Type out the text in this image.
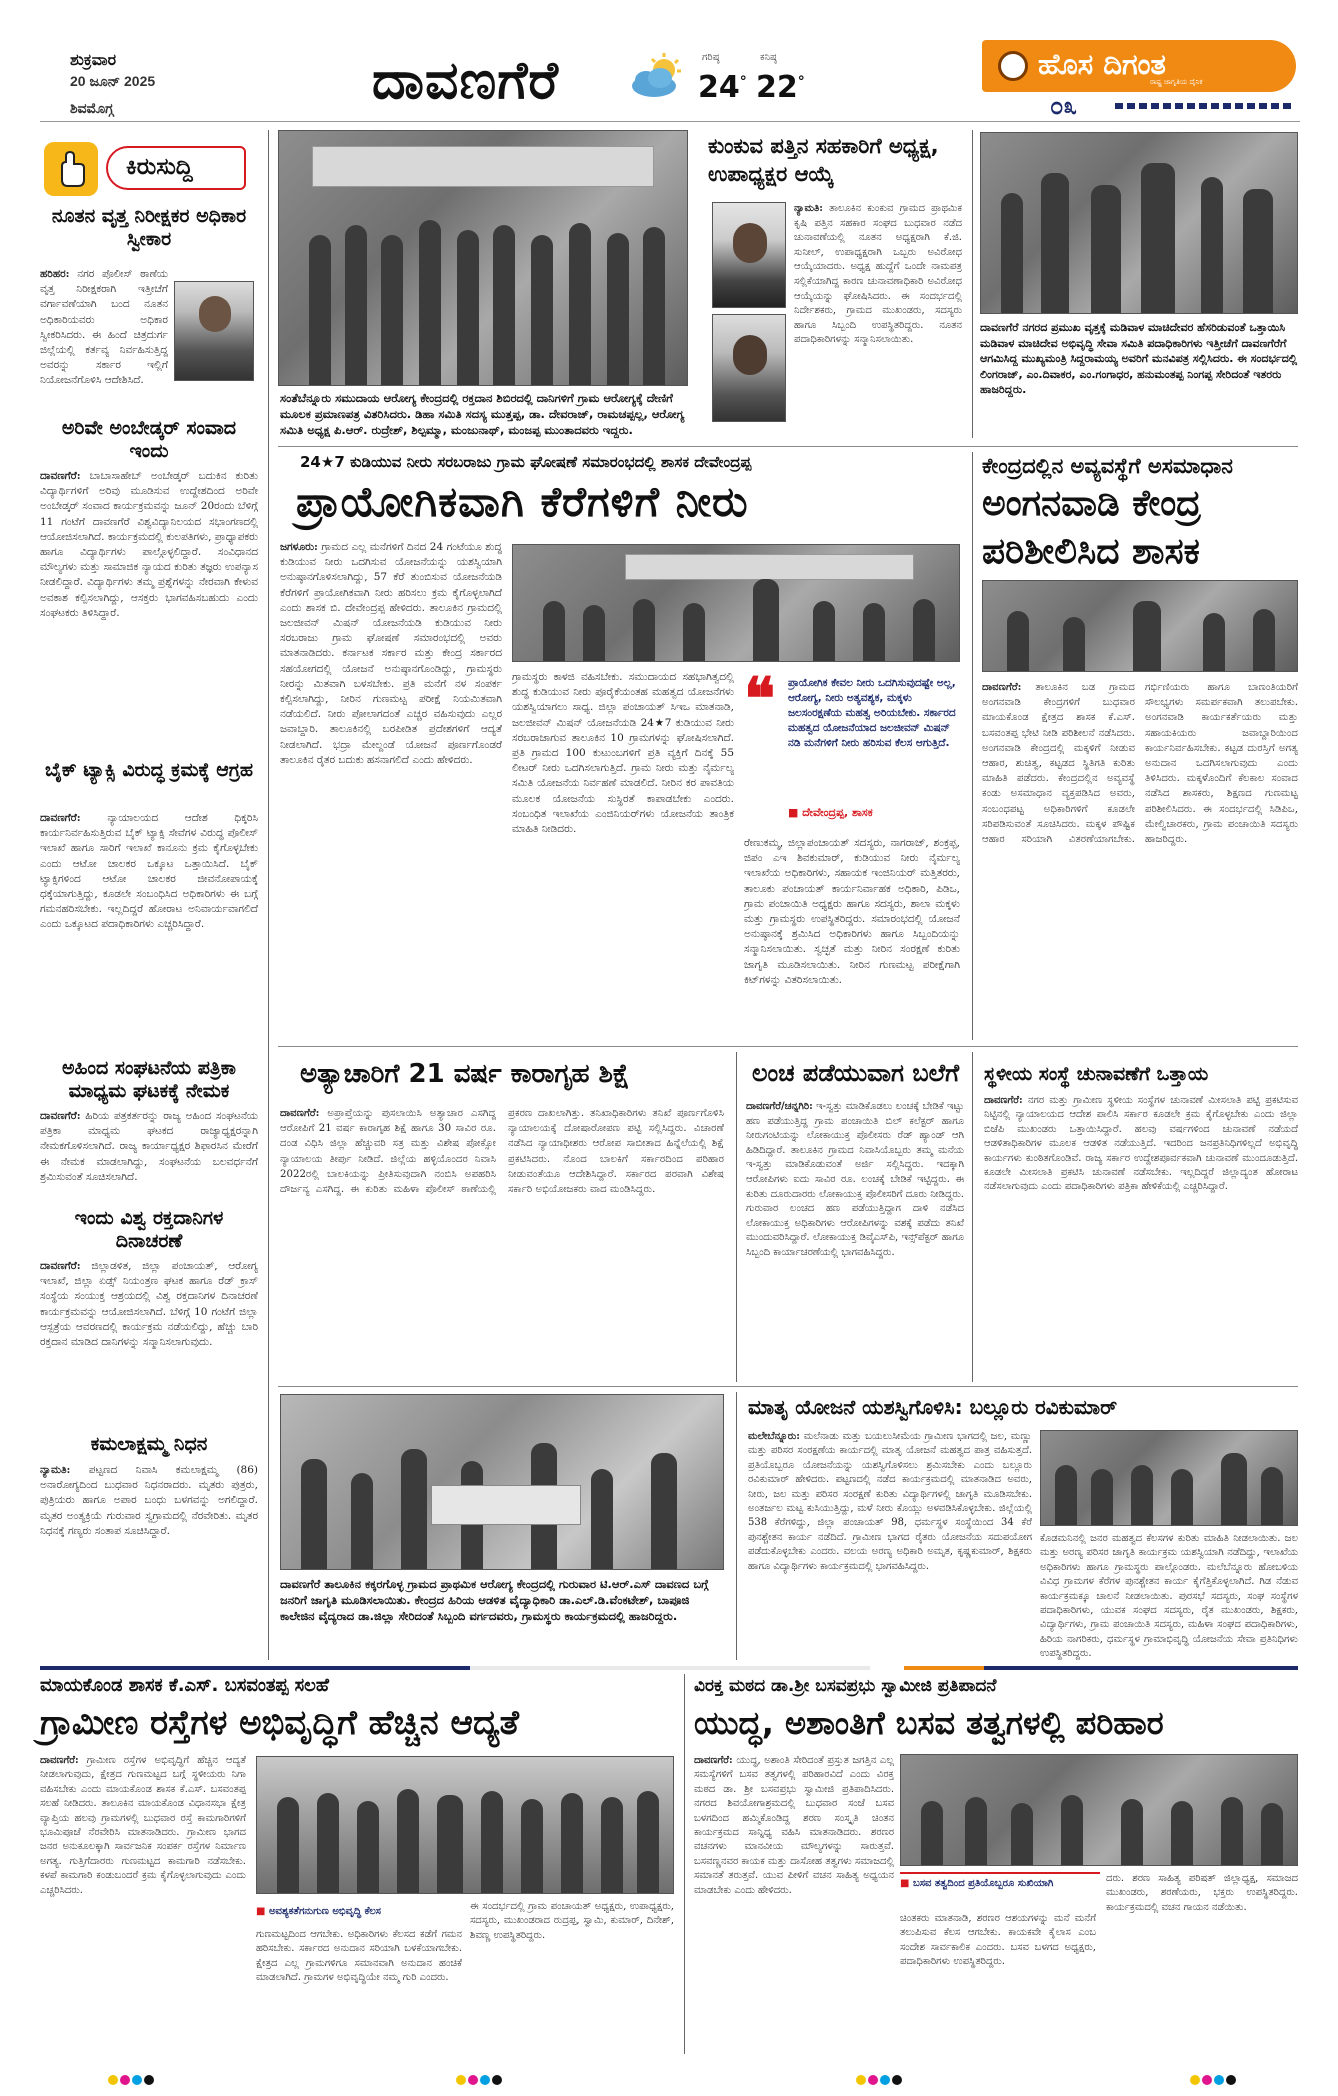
ಶುಕ್ರವಾರ
20 ಜೂನ್ 2025
ಶಿವಮೊಗ್ಗ	ದಾವಣಗೆರೆ	ಗರಿಷ್ಠ
24°
ಕನಿಷ್ಠ
22°
ಹೊಸ ದಿಗಂತ
ರಾಷ್ಟ್ರ ಜಾಗೃತಿಯ ದೈನಿಕ
೦೩
ಕಿರುಸುದ್ದಿ
ನೂತನ ವೃತ್ತ ನಿರೀಕ್ಷಕರ ಅಧಿಕಾರ ಸ್ವೀಕಾರ
ಹರಿಹರ: ನಗರ ಪೊಲೀಸ್ ಠಾಣೆಯ ವೃತ್ತ ನಿರೀಕ್ಷಕರಾಗಿ ಇತ್ತೀಚೆಗೆ ವರ್ಗಾವಣೆಯಾಗಿ ಬಂದ ನೂತನ ಅಧಿಕಾರಿಯವರು ಅಧಿಕಾರ ಸ್ವೀಕರಿಸಿದರು. ಈ ಹಿಂದೆ ಚಿತ್ರದುರ್ಗ ಜಿಲ್ಲೆಯಲ್ಲಿ ಕರ್ತವ್ಯ ನಿರ್ವಹಿಸುತ್ತಿದ್ದ ಅವರನ್ನು ಸರ್ಕಾರ ಇಲ್ಲಿಗೆ ನಿಯೋಜನೆಗೊಳಿಸಿ ಆದೇಶಿಸಿದೆ.
ಅರಿವೇ ಅಂಬೇಡ್ಕರ್ ಸಂವಾದ ಇಂದು
ದಾವಣಗೆರೆ: ಬಾಬಾಸಾಹೇಬ್ ಅಂಬೇಡ್ಕರ್ ಬದುಕಿನ ಕುರಿತು ವಿದ್ಯಾರ್ಥಿಗಳಿಗೆ ಅರಿವು ಮೂಡಿಸುವ ಉದ್ದೇಶದಿಂದ ಅರಿವೇ ಅಂಬೇಡ್ಕರ್ ಸಂವಾದ ಕಾರ್ಯಕ್ರಮವನ್ನು ಜೂನ್ 20ರಂದು ಬೆಳಿಗ್ಗೆ 11 ಗಂಟೆಗೆ ದಾವಣಗೆರೆ ವಿಶ್ವವಿದ್ಯಾನಿಲಯದ ಸಭಾಂಗಣದಲ್ಲಿ ಆಯೋಜಿಸಲಾಗಿದೆ. ಕಾರ್ಯಕ್ರಮದಲ್ಲಿ ಕುಲಪತಿಗಳು, ಪ್ರಾಧ್ಯಾಪಕರು ಹಾಗೂ ವಿದ್ಯಾರ್ಥಿಗಳು ಪಾಲ್ಗೊಳ್ಳಲಿದ್ದಾರೆ. ಸಂವಿಧಾನದ ಮೌಲ್ಯಗಳು ಮತ್ತು ಸಾಮಾಜಿಕ ನ್ಯಾಯದ ಕುರಿತು ತಜ್ಞರು ಉಪನ್ಯಾಸ ನೀಡಲಿದ್ದಾರೆ. ವಿದ್ಯಾರ್ಥಿಗಳು ತಮ್ಮ ಪ್ರಶ್ನೆಗಳನ್ನು ನೇರವಾಗಿ ಕೇಳುವ ಅವಕಾಶ ಕಲ್ಪಿಸಲಾಗಿದ್ದು, ಆಸಕ್ತರು ಭಾಗವಹಿಸಬಹುದು ಎಂದು ಸಂಘಟಕರು ತಿಳಿಸಿದ್ದಾರೆ.
ಬೈಕ್ ಟ್ಯಾಕ್ಸಿ ವಿರುದ್ಧ ಕ್ರಮಕ್ಕೆ ಆಗ್ರಹ
ದಾವಣಗೆರೆ:	ನ್ಯಾಯಾಲಯದ ಆದೇಶ ಧಿಕ್ಕರಿಸಿ ಕಾರ್ಯನಿರ್ವಹಿಸುತ್ತಿರುವ ಬೈಕ್ ಟ್ಯಾಕ್ಸಿ ಸೇವೆಗಳ ವಿರುದ್ಧ ಪೊಲೀಸ್ ಇಲಾಖೆ ಹಾಗೂ ಸಾರಿಗೆ ಇಲಾಖೆ ಕಾನೂನು ಕ್ರಮ ಕೈಗೊಳ್ಳಬೇಕು ಎಂದು ಆಟೋ ಚಾಲಕರ ಒಕ್ಕೂಟ ಒತ್ತಾಯಿಸಿದೆ. ಬೈಕ್ ಟ್ಯಾಕ್ಸಿಗಳಿಂದ ಆಟೋ ಚಾಲಕರ ಜೀವನೋಪಾಯಕ್ಕೆ ಧಕ್ಕೆಯಾಗುತ್ತಿದ್ದು, ಕೂಡಲೇ ಸಂಬಂಧಿಸಿದ ಅಧಿಕಾರಿಗಳು ಈ ಬಗ್ಗೆ ಗಮನಹರಿಸಬೇಕು. ಇಲ್ಲದಿದ್ದರೆ ಹೋರಾಟ ಅನಿವಾರ್ಯವಾಗಲಿದೆ ಎಂದು ಒಕ್ಕೂಟದ ಪದಾಧಿಕಾರಿಗಳು ಎಚ್ಚರಿಸಿದ್ದಾರೆ.
ಅಹಿಂದ ಸಂಘಟನೆಯ ಪತ್ರಿಕಾ ಮಾಧ್ಯಮ ಘಟಕಕ್ಕೆ ನೇಮಕ
ದಾವಣಗೆರೆ: ಹಿರಿಯ ಪತ್ರಕರ್ತರನ್ನು ರಾಜ್ಯ ಅಹಿಂದ ಸಂಘಟನೆಯ ಪತ್ರಿಕಾ ಮಾಧ್ಯಮ ಘಟಕದ ರಾಜ್ಯಾಧ್ಯಕ್ಷರನ್ನಾಗಿ ನೇಮಕಗೊಳಿಸಲಾಗಿದೆ. ರಾಜ್ಯ ಕಾರ್ಯಾಧ್ಯಕ್ಷರ ಶಿಫಾರಸಿನ ಮೇರೆಗೆ ಈ ನೇಮಕ ಮಾಡಲಾಗಿದ್ದು, ಸಂಘಟನೆಯ ಬಲವರ್ಧನೆಗೆ ಶ್ರಮಿಸುವಂತೆ ಸೂಚಿಸಲಾಗಿದೆ.
ಇಂದು ವಿಶ್ವ ರಕ್ತದಾನಿಗಳ ದಿನಾಚರಣೆ
ದಾವಣಗೆರೆ: ಜಿಲ್ಲಾಡಳಿತ, ಜಿಲ್ಲಾ ಪಂಚಾಯತ್, ಆರೋಗ್ಯ ಇಲಾಖೆ, ಜಿಲ್ಲಾ ಏಡ್ಸ್ ನಿಯಂತ್ರಣ ಘಟಕ ಹಾಗೂ ರೆಡ್ ಕ್ರಾಸ್ ಸಂಸ್ಥೆಯ ಸಂಯುಕ್ತ ಆಶ್ರಯದಲ್ಲಿ ವಿಶ್ವ ರಕ್ತದಾನಿಗಳ ದಿನಾಚರಣೆ ಕಾರ್ಯಕ್ರಮವನ್ನು ಆಯೋಜಿಸಲಾಗಿದೆ. ಬೆಳಿಗ್ಗೆ 10 ಗಂಟೆಗೆ ಜಿಲ್ಲಾ ಆಸ್ಪತ್ರೆಯ ಆವರಣದಲ್ಲಿ ಕಾರ್ಯಕ್ರಮ ನಡೆಯಲಿದ್ದು, ಹೆಚ್ಚು ಬಾರಿ ರಕ್ತದಾನ ಮಾಡಿದ ದಾನಿಗಳನ್ನು ಸನ್ಮಾನಿಸಲಾಗುವುದು.
ಕಮಲಾಕ್ಷಮ್ಮ ನಿಧನ
ನ್ಯಾಮತಿ: ಪಟ್ಟಣದ ನಿವಾಸಿ ಕಮಲಾಕ್ಷಮ್ಮ (86) ಅನಾರೋಗ್ಯದಿಂದ ಬುಧವಾರ ನಿಧನರಾದರು. ಮೃತರು ಪುತ್ರರು, ಪುತ್ರಿಯರು ಹಾಗೂ ಅಪಾರ ಬಂಧು ಬಳಗವನ್ನು ಅಗಲಿದ್ದಾರೆ. ಮೃತರ ಅಂತ್ಯಕ್ರಿಯೆ ಗುರುವಾರ ಸ್ವಗ್ರಾಮದಲ್ಲಿ ನೆರವೇರಿತು. ಮೃತರ ನಿಧನಕ್ಕೆ ಗಣ್ಯರು ಸಂತಾಪ ಸೂಚಿಸಿದ್ದಾರೆ.
ಸಂತೆಬೆನ್ನೂರು ಸಮುದಾಯ ಆರೋಗ್ಯ ಕೇಂದ್ರದಲ್ಲಿ ರಕ್ತದಾನ ಶಿಬಿರದಲ್ಲಿ ದಾನಿಗಳಿಗೆ ಗ್ರಾಮ ಆರೋಗ್ಯಕ್ಕೆ ದೇಣಿಗೆ ಮೂಲಕ ಪ್ರಮಾಣಪತ್ರ ವಿತರಿಸಿದರು. ಡಿಹಾ ಸಮಿತಿ ಸದಸ್ಯ ಮುತ್ತಪ್ಪ, ಡಾ. ದೇವರಾಜ್, ರಾಮಚಪ್ಪಲ್ಲ, ಆರೋಗ್ಯ ಸಮಿತಿ ಅಧ್ಯಕ್ಷ ಪಿ.ಆರ್. ರುದ್ರೇಶ್, ಶಿಲ್ಪಮ್ಮಾ, ಮಂಜುನಾಥ್, ಮಂಜಪ್ಪ ಮುಂತಾದವರು ಇದ್ದರು.
ಕುಂಕುವ ಪತ್ತಿನ ಸಹಕಾರಿಗೆ ಅಧ್ಯಕ್ಷ, ಉಪಾಧ್ಯಕ್ಷರ ಆಯ್ಕೆ
ನ್ಯಾಮತಿ: ತಾಲೂಕಿನ ಕುಂಕುವ ಗ್ರಾಮದ ಪ್ರಾಥಮಿಕ ಕೃಷಿ ಪತ್ತಿನ ಸಹಕಾರ ಸಂಘದ ಬುಧವಾರ ನಡೆದ ಚುನಾವಣೆಯಲ್ಲಿ ನೂತನ ಅಧ್ಯಕ್ಷರಾಗಿ ಕೆ.ಜಿ. ಸುನೀಲ್, ಉಪಾಧ್ಯಕ್ಷರಾಗಿ ಒಬ್ಬರು ಅವಿರೋಧ ಆಯ್ಕೆಯಾದರು. ಅಧ್ಯಕ್ಷ ಹುದ್ದೆಗೆ ಒಂದೇ ನಾಮಪತ್ರ ಸಲ್ಲಿಕೆಯಾಗಿದ್ದ ಕಾರಣ ಚುನಾವಣಾಧಿಕಾರಿ ಅವಿರೋಧ ಆಯ್ಕೆಯನ್ನು ಘೋಷಿಸಿದರು. ಈ ಸಂದರ್ಭದಲ್ಲಿ ನಿರ್ದೇಶಕರು, ಗ್ರಾಮದ ಮುಖಂಡರು, ಸದಸ್ಯರು ಹಾಗೂ ಸಿಬ್ಬಂದಿ ಉಪಸ್ಥಿತರಿದ್ದರು. ನೂತನ ಪದಾಧಿಕಾರಿಗಳನ್ನು ಸನ್ಮಾನಿಸಲಾಯಿತು.
ದಾವಣಗೆರೆ ನಗರದ ಪ್ರಮುಖ ವೃತ್ತಕ್ಕೆ ಮಡಿವಾಳ ಮಾಚಿದೇವರ ಹೆಸರಿಡುವಂತೆ ಒತ್ತಾಯಿಸಿ ಮಡಿವಾಳ ಮಾಚಿದೇವ ಅಭಿವೃದ್ಧಿ ಸೇವಾ ಸಮಿತಿ ಪದಾಧಿಕಾರಿಗಳು ಇತ್ತೀಚೆಗೆ ದಾವಣಗೆರೆಗೆ ಆಗಮಿಸಿದ್ದ ಮುಖ್ಯಮಂತ್ರಿ ಸಿದ್ದರಾಮಯ್ಯ ಅವರಿಗೆ ಮನವಿಪತ್ರ ಸಲ್ಲಿಸಿದರು. ಈ ಸಂದರ್ಭದಲ್ಲಿ ಲಿಂಗರಾಜ್, ಎಂ.ದಿವಾಕರ, ಎಂ.ಗಂಗಾಧರ, ಹನುಮಂತಪ್ಪ ನಿಂಗಪ್ಪ ಸೇರಿದಂತೆ ಇತರರು ಹಾಜರಿದ್ದರು.
24★7 ಕುಡಿಯುವ ನೀರು ಸರಬರಾಜು ಗ್ರಾಮ ಘೋಷಣೆ ಸಮಾರಂಭದಲ್ಲಿ ಶಾಸಕ ದೇವೇಂದ್ರಪ್ಪ
ಪ್ರಾಯೋಗಿಕವಾಗಿ ಕೆರೆಗಳಿಗೆ ನೀರು
ಜಗಳೂರು: ಗ್ರಾಮದ ಎಲ್ಲ ಮನೆಗಳಿಗೆ ದಿನದ 24 ಗಂಟೆಯೂ ಶುದ್ಧ ಕುಡಿಯುವ ನೀರು ಒದಗಿಸುವ ಯೋಜನೆಯನ್ನು ಯಶಸ್ವಿಯಾಗಿ ಅನುಷ್ಠಾನಗೊಳಿಸಲಾಗಿದ್ದು, 57 ಕೆರೆ ತುಂಬಿಸುವ ಯೋಜನೆಯಡಿ ಕೆರೆಗಳಿಗೆ ಪ್ರಾಯೋಗಿಕವಾಗಿ ನೀರು ಹರಿಸಲು ಕ್ರಮ ಕೈಗೊಳ್ಳಲಾಗಿದೆ ಎಂದು ಶಾಸಕ ಬಿ. ದೇವೇಂದ್ರಪ್ಪ ಹೇಳಿದರು. ತಾಲೂಕಿನ ಗ್ರಾಮದಲ್ಲಿ ಜಲಜೀವನ್ ಮಿಷನ್ ಯೋಜನೆಯಡಿ ಕುಡಿಯುವ ನೀರು ಸರಬರಾಜು ಗ್ರಾಮ ಘೋಷಣೆ ಸಮಾರಂಭದಲ್ಲಿ ಅವರು ಮಾತನಾಡಿದರು. ಕರ್ನಾಟಕ ಸರ್ಕಾರ ಮತ್ತು ಕೇಂದ್ರ ಸರ್ಕಾರದ ಸಹಯೋಗದಲ್ಲಿ ಯೋಜನೆ ಅನುಷ್ಠಾನಗೊಂಡಿದ್ದು, ಗ್ರಾಮಸ್ಥರು ನೀರನ್ನು ಮಿತವಾಗಿ ಬಳಸಬೇಕು. ಪ್ರತಿ ಮನೆಗೆ ನಳ ಸಂಪರ್ಕ ಕಲ್ಪಿಸಲಾಗಿದ್ದು, ನೀರಿನ ಗುಣಮಟ್ಟ ಪರೀಕ್ಷೆ ನಿಯಮಿತವಾಗಿ ನಡೆಯಲಿದೆ. ನೀರು ಪೋಲಾಗದಂತೆ ಎಚ್ಚರ ವಹಿಸುವುದು ಎಲ್ಲರ ಜವಾಬ್ದಾರಿ. ತಾಲೂಕಿನಲ್ಲಿ ಬರಪೀಡಿತ ಪ್ರದೇಶಗಳಿಗೆ ಆದ್ಯತೆ ನೀಡಲಾಗಿದೆ. ಭದ್ರಾ ಮೇಲ್ದಂಡೆ ಯೋಜನೆ ಪೂರ್ಣಗೊಂಡರೆ ತಾಲೂಕಿನ ರೈತರ ಬದುಕು ಹಸನಾಗಲಿದೆ ಎಂದು ಹೇಳಿದರು.
ಗ್ರಾಮಸ್ಥರು ಕಾಳಜಿ ವಹಿಸಬೇಕು. ಸಮುದಾಯದ ಸಹಭಾಗಿತ್ವದಲ್ಲಿ ಶುದ್ಧ ಕುಡಿಯುವ ನೀರು ಪೂರೈಕೆಯಂತಹ ಮಹತ್ವದ ಯೋಜನೆಗಳು ಯಶಸ್ವಿಯಾಗಲು ಸಾಧ್ಯ. ಜಿಲ್ಲಾ ಪಂಚಾಯತ್ ಸಿಇಒ ಮಾತನಾಡಿ, ಜಲಜೀವನ್ ಮಿಷನ್ ಯೋಜನೆಯಡಿ 24★7 ಕುಡಿಯುವ ನೀರು ಸರಬರಾಜಾಗುವ ತಾಲೂಕಿನ 10 ಗ್ರಾಮಗಳನ್ನು ಘೋಷಿಸಲಾಗಿದೆ. ಪ್ರತಿ ಗ್ರಾಮದ 100 ಕುಟುಂಬಗಳಿಗೆ ಪ್ರತಿ ವ್ಯಕ್ತಿಗೆ ದಿನಕ್ಕೆ 55 ಲೀಟರ್ ನೀರು ಒದಗಿಸಲಾಗುತ್ತಿದೆ. ಗ್ರಾಮ ನೀರು ಮತ್ತು ನೈರ್ಮಲ್ಯ ಸಮಿತಿ ಯೋಜನೆಯ ನಿರ್ವಹಣೆ ಮಾಡಲಿದೆ. ನೀರಿನ ಕರ ಪಾವತಿಯ ಮೂಲಕ ಯೋಜನೆಯ ಸುಸ್ಥಿರತೆ ಕಾಪಾಡಬೇಕು ಎಂದರು. ಸಂಬಂಧಿತ ಇಲಾಖೆಯ ಎಂಜಿನಿಯರ್‌ಗಳು ಯೋಜನೆಯ ತಾಂತ್ರಿಕ ಮಾಹಿತಿ ನೀಡಿದರು.
❝ ಪ್ರಾಯೋಗಿಕ ಕೇವಲ ನೀರು ಒದಗಿಸುವುದಷ್ಟೇ ಅಲ್ಲ, ಆರೋಗ್ಯ, ನೀರು ಅತ್ಯವಶ್ಯಕ, ಮಕ್ಕಳು ಜಲಸಂರಕ್ಷಣೆಯ ಮಹತ್ವ ಅರಿಯಬೇಕು. ಸರ್ಕಾರದ ಮಹತ್ವದ ಯೋಜನೆಯಾದ ಜಲಜೀವನ್ ಮಿಷನ್ ನಡಿ ಮನೆಗಳಿಗೆ ನೀರು ಹರಿಸುವ ಕೆಲಸ ಆಗುತ್ತಿದೆ.
■ ದೇವೇಂದ್ರಪ್ಪ, ಶಾಸಕ
ರೇಣುಕಮ್ಮ, ಜಿಲ್ಲಾಪಂಚಾಯತ್ ಸದಸ್ಯರು, ನಾಗರಾಜ್, ಶಂಕ್ರಪ್ಪ, ಜಿಪಂ ಎಇ ಶಿವಕುಮಾರ್, ಕುಡಿಯುವ ನೀರು ನೈರ್ಮಲ್ಯ ಇಲಾಖೆಯ ಅಧಿಕಾರಿಗಳು, ಸಹಾಯಕ ಇಂಜಿನಿಯರ್ ಮತ್ತಿತರರು, ತಾಲೂಕು ಪಂಚಾಯತ್ ಕಾರ್ಯನಿರ್ವಾಹಕ ಅಧಿಕಾರಿ, ಪಿಡಿಒ, ಗ್ರಾಮ ಪಂಚಾಯಿತಿ ಅಧ್ಯಕ್ಷರು ಹಾಗೂ ಸದಸ್ಯರು, ಶಾಲಾ ಮಕ್ಕಳು ಮತ್ತು ಗ್ರಾಮಸ್ಥರು ಉಪಸ್ಥಿತರಿದ್ದರು. ಸಮಾರಂಭದಲ್ಲಿ ಯೋಜನೆ ಅನುಷ್ಠಾನಕ್ಕೆ ಶ್ರಮಿಸಿದ ಅಧಿಕಾರಿಗಳು ಹಾಗೂ ಸಿಬ್ಬಂದಿಯನ್ನು ಸನ್ಮಾನಿಸಲಾಯಿತು. ಸ್ವಚ್ಛತೆ ಮತ್ತು ನೀರಿನ ಸಂರಕ್ಷಣೆ ಕುರಿತು ಜಾಗೃತಿ ಮೂಡಿಸಲಾಯಿತು. ನೀರಿನ ಗುಣಮಟ್ಟ ಪರೀಕ್ಷೆಗಾಗಿ ಕಿಟ್‌ಗಳನ್ನು ವಿತರಿಸಲಾಯಿತು.
ಕೇಂದ್ರದಲ್ಲಿನ ಅವ್ಯವಸ್ಥೆಗೆ ಅಸಮಾಧಾನ
ಅಂಗನವಾಡಿ ಕೇಂದ್ರ ಪರಿಶೀಲಿಸಿದ ಶಾಸಕ
ದಾವಣಗೆರೆ: ತಾಲೂಕಿನ ಬಡ ಗ್ರಾಮದ ಅಂಗನವಾಡಿ ಕೇಂದ್ರಗಳಿಗೆ ಬುಧವಾರ ಮಾಯಕೊಂಡ ಕ್ಷೇತ್ರದ ಶಾಸಕ ಕೆ.ಎಸ್. ಬಸವಂತಪ್ಪ ಭೇಟಿ ನೀಡಿ ಪರಿಶೀಲನೆ ನಡೆಸಿದರು. ಅಂಗನವಾಡಿ ಕೇಂದ್ರದಲ್ಲಿ ಮಕ್ಕಳಿಗೆ ನೀಡುವ ಆಹಾರ, ಶುಚಿತ್ವ, ಕಟ್ಟಡದ ಸ್ಥಿತಿಗತಿ ಕುರಿತು ಮಾಹಿತಿ ಪಡೆದರು. ಕೇಂದ್ರದಲ್ಲಿನ ಅವ್ಯವಸ್ಥೆ ಕಂಡು ಅಸಮಾಧಾನ ವ್ಯಕ್ತಪಡಿಸಿದ ಅವರು, ಸಂಬಂಧಪಟ್ಟ ಅಧಿಕಾರಿಗಳಿಗೆ ಕೂಡಲೇ ಸರಿಪಡಿಸುವಂತೆ ಸೂಚಿಸಿದರು. ಮಕ್ಕಳ ಪೌಷ್ಟಿಕ ಆಹಾರ ಸರಿಯಾಗಿ ವಿತರಣೆಯಾಗಬೇಕು. ಗರ್ಭಿಣಿಯರು ಹಾಗೂ ಬಾಣಂತಿಯರಿಗೆ ಸೌಲಭ್ಯಗಳು ಸಮರ್ಪಕವಾಗಿ ತಲುಪಬೇಕು. ಅಂಗನವಾಡಿ ಕಾರ್ಯಕರ್ತೆಯರು ಮತ್ತು ಸಹಾಯಕಿಯರು ಜವಾಬ್ದಾರಿಯಿಂದ ಕಾರ್ಯನಿರ್ವಹಿಸಬೇಕು. ಕಟ್ಟಡ ದುರಸ್ತಿಗೆ ಅಗತ್ಯ ಅನುದಾನ ಒದಗಿಸಲಾಗುವುದು ಎಂದು ತಿಳಿಸಿದರು. ಮಕ್ಕಳೊಂದಿಗೆ ಕೆಲಕಾಲ ಸಂವಾದ ನಡೆಸಿದ ಶಾಸಕರು, ಶಿಕ್ಷಣದ ಗುಣಮಟ್ಟ ಪರಿಶೀಲಿಸಿದರು. ಈ ಸಂದರ್ಭದಲ್ಲಿ ಸಿಡಿಪಿಒ, ಮೇಲ್ವಿಚಾರಕರು, ಗ್ರಾಮ ಪಂಚಾಯಿತಿ ಸದಸ್ಯರು ಹಾಜರಿದ್ದರು.
ಅತ್ಯಾಚಾರಿಗೆ 21 ವರ್ಷ ಕಾರಾಗೃಹ ಶಿಕ್ಷೆ
ದಾವಣಗೆರೆ: ಅಪ್ರಾಪ್ತೆಯನ್ನು ಪುಸಲಾಯಿಸಿ ಅತ್ಯಾಚಾರ ಎಸಗಿದ್ದ ಆರೋಪಿಗೆ 21 ವರ್ಷ ಕಾರಾಗೃಹ ಶಿಕ್ಷೆ ಹಾಗೂ 30 ಸಾವಿರ ರೂ. ದಂಡ ವಿಧಿಸಿ ಜಿಲ್ಲಾ ಹೆಚ್ಚುವರಿ ಸತ್ರ ಮತ್ತು ವಿಶೇಷ ಪೋಕ್ಸೋ ನ್ಯಾಯಾಲಯ ತೀರ್ಪು ನೀಡಿದೆ. ಜಿಲ್ಲೆಯ ಹಳ್ಳಿಯೊಂದರ ನಿವಾಸಿ 2022ರಲ್ಲಿ ಬಾಲಕಿಯನ್ನು ಪ್ರೀತಿಸುವುದಾಗಿ ನಂಬಿಸಿ ಅಪಹರಿಸಿ ದೌರ್ಜನ್ಯ ಎಸಗಿದ್ದ. ಈ ಕುರಿತು ಮಹಿಳಾ ಪೊಲೀಸ್ ಠಾಣೆಯಲ್ಲಿ ಪ್ರಕರಣ ದಾಖಲಾಗಿತ್ತು. ತನಿಖಾಧಿಕಾರಿಗಳು ತನಿಖೆ ಪೂರ್ಣಗೊಳಿಸಿ ನ್ಯಾಯಾಲಯಕ್ಕೆ ದೋಷಾರೋಪಣ ಪಟ್ಟಿ ಸಲ್ಲಿಸಿದ್ದರು. ವಿಚಾರಣೆ ನಡೆಸಿದ ನ್ಯಾಯಾಧೀಶರು ಆರೋಪ ಸಾಬೀತಾದ ಹಿನ್ನೆಲೆಯಲ್ಲಿ ಶಿಕ್ಷೆ ಪ್ರಕಟಿಸಿದರು. ನೊಂದ ಬಾಲಕಿಗೆ ಸರ್ಕಾರದಿಂದ ಪರಿಹಾರ ನೀಡುವಂತೆಯೂ ಆದೇಶಿಸಿದ್ದಾರೆ. ಸರ್ಕಾರದ ಪರವಾಗಿ ವಿಶೇಷ ಸರ್ಕಾರಿ ಅಭಿಯೋಜಕರು ವಾದ ಮಂಡಿಸಿದ್ದರು.
ಲಂಚ ಪಡೆಯುವಾಗ ಬಲೆಗೆ
ದಾವಣಗೆರೆ/ಚನ್ನಗಿರಿ: ಇ-ಸ್ವತ್ತು ಮಾಡಿಕೊಡಲು ಲಂಚಕ್ಕೆ ಬೇಡಿಕೆ ಇಟ್ಟು ಹಣ ಪಡೆಯುತ್ತಿದ್ದ ಗ್ರಾಮ ಪಂಚಾಯಿತಿ ಬಿಲ್ ಕಲೆಕ್ಟರ್ ಹಾಗೂ ನೀರುಗಂಟಿಯನ್ನು ಲೋಕಾಯುಕ್ತ ಪೊಲೀಸರು ರೆಡ್ ಹ್ಯಾಂಡ್ ಆಗಿ ಹಿಡಿದಿದ್ದಾರೆ. ತಾಲೂಕಿನ ಗ್ರಾಮದ ನಿವಾಸಿಯೊಬ್ಬರು ತಮ್ಮ ಮನೆಯ ಇ-ಸ್ವತ್ತು ಮಾಡಿಕೊಡುವಂತೆ ಅರ್ಜಿ ಸಲ್ಲಿಸಿದ್ದರು. ಇದಕ್ಕಾಗಿ ಆರೋಪಿಗಳು ಐದು ಸಾವಿರ ರೂ. ಲಂಚಕ್ಕೆ ಬೇಡಿಕೆ ಇಟ್ಟಿದ್ದರು. ಈ ಕುರಿತು ದೂರುದಾರರು ಲೋಕಾಯುಕ್ತ ಪೊಲೀಸರಿಗೆ ದೂರು ನೀಡಿದ್ದರು. ಗುರುವಾರ ಲಂಚದ ಹಣ ಪಡೆಯುತ್ತಿದ್ದಾಗ ದಾಳಿ ನಡೆಸಿದ ಲೋಕಾಯುಕ್ತ ಅಧಿಕಾರಿಗಳು ಆರೋಪಿಗಳನ್ನು ವಶಕ್ಕೆ ಪಡೆದು ತನಿಖೆ ಮುಂದುವರಿಸಿದ್ದಾರೆ. ಲೋಕಾಯುಕ್ತ ಡಿವೈಎಸ್‌ಪಿ, ಇನ್ಸ್‌ಪೆಕ್ಟರ್ ಹಾಗೂ ಸಿಬ್ಬಂದಿ ಕಾರ್ಯಾಚರಣೆಯಲ್ಲಿ ಭಾಗವಹಿಸಿದ್ದರು.
ಸ್ಥಳೀಯ ಸಂಸ್ಥೆ ಚುನಾವಣೆಗೆ ಒತ್ತಾಯ
ದಾವಣಗೆರೆ: ನಗರ ಮತ್ತು ಗ್ರಾಮೀಣ ಸ್ಥಳೀಯ ಸಂಸ್ಥೆಗಳ ಚುನಾವಣೆ ಮೀಸಲಾತಿ ಪಟ್ಟಿ ಪ್ರಕಟಿಸುವ ನಿಟ್ಟಿನಲ್ಲಿ ನ್ಯಾಯಾಲಯದ ಆದೇಶ ಪಾಲಿಸಿ ಸರ್ಕಾರ ಕೂಡಲೇ ಕ್ರಮ ಕೈಗೊಳ್ಳಬೇಕು ಎಂದು ಜಿಲ್ಲಾ ಬಿಜೆಪಿ ಮುಖಂಡರು ಒತ್ತಾಯಿಸಿದ್ದಾರೆ. ಹಲವು ವರ್ಷಗಳಿಂದ ಚುನಾವಣೆ ನಡೆಯದೆ ಆಡಳಿತಾಧಿಕಾರಿಗಳ ಮೂಲಕ ಆಡಳಿತ ನಡೆಯುತ್ತಿದೆ. ಇದರಿಂದ ಜನಪ್ರತಿನಿಧಿಗಳಿಲ್ಲದೆ ಅಭಿವೃದ್ಧಿ ಕಾರ್ಯಗಳು ಕುಂಠಿತಗೊಂಡಿವೆ. ರಾಜ್ಯ ಸರ್ಕಾರ ಉದ್ದೇಶಪೂರ್ವಕವಾಗಿ ಚುನಾವಣೆ ಮುಂದೂಡುತ್ತಿದೆ. ಕೂಡಲೇ ಮೀಸಲಾತಿ ಪ್ರಕಟಿಸಿ ಚುನಾವಣೆ ನಡೆಸಬೇಕು. ಇಲ್ಲದಿದ್ದರೆ ಜಿಲ್ಲಾದ್ಯಂತ ಹೋರಾಟ ನಡೆಸಲಾಗುವುದು ಎಂದು ಪದಾಧಿಕಾರಿಗಳು ಪತ್ರಿಕಾ ಹೇಳಿಕೆಯಲ್ಲಿ ಎಚ್ಚರಿಸಿದ್ದಾರೆ.
ದಾವಣಗೆರೆ ತಾಲೂಕಿನ ಕಕ್ಕರಗೊಳ್ಳ ಗ್ರಾಮದ ಪ್ರಾಥಮಿಕ ಆರೋಗ್ಯ ಕೇಂದ್ರದಲ್ಲಿ ಗುರುವಾರ ಟಿ.ಆರ್.ಎಸ್ ದಾವಣದ ಬಗ್ಗೆ ಜನರಿಗೆ ಜಾಗೃತಿ ಮೂಡಿಸಲಾಯಿತು. ಕೇಂದ್ರದ ಹಿರಿಯ ಆಡಳಿತ ವೈದ್ಯಾಧಿಕಾರಿ ಡಾ.ಎಲ್.ಡಿ.ವೆಂಕಟೇಶ್, ಬಾಪೂಜಿ ಕಾಲೇಜಿನ ವೈದ್ಯರಾದ ಡಾ.ಜಿಲ್ಲಾ ಸೇರಿದಂತೆ ಸಿಬ್ಬಂದಿ ವರ್ಗದವರು, ಗ್ರಾಮಸ್ಥರು ಕಾರ್ಯಕ್ರಮದಲ್ಲಿ ಹಾಜರಿದ್ದರು.
ಮಾತೃ ಯೋಜನೆ ಯಶಸ್ವಿಗೊಳಿಸಿ: ಬಲ್ಲೂರು ರವಿಕುಮಾರ್
ಮಲೇಬೆನ್ನೂರು: ಮಲೆನಾಡು ಮತ್ತು ಬಯಲುಸೀಮೆಯ ಗ್ರಾಮೀಣ ಭಾಗದಲ್ಲಿ ಜಲ, ಮಣ್ಣು ಮತ್ತು ಪರಿಸರ ಸಂರಕ್ಷಣೆಯ ಕಾರ್ಯದಲ್ಲಿ ಮಾತೃ ಯೋಜನೆ ಮಹತ್ವದ ಪಾತ್ರ ವಹಿಸುತ್ತದೆ. ಪ್ರತಿಯೊಬ್ಬರೂ ಯೋಜನೆಯನ್ನು ಯಶಸ್ವಿಗೊಳಿಸಲು ಶ್ರಮಿಸಬೇಕು ಎಂದು ಬಲ್ಲೂರು ರವಿಕುಮಾರ್ ಹೇಳಿದರು. ಪಟ್ಟಣದಲ್ಲಿ ನಡೆದ ಕಾರ್ಯಕ್ರಮದಲ್ಲಿ ಮಾತನಾಡಿದ ಅವರು, ನೀರು, ಜಲ ಮತ್ತು ಪರಿಸರ ಸಂರಕ್ಷಣೆ ಕುರಿತು ವಿದ್ಯಾರ್ಥಿಗಳಲ್ಲಿ ಜಾಗೃತಿ ಮೂಡಿಸಬೇಕು. ಅಂತರ್ಜಲ ಮಟ್ಟ ಕುಸಿಯುತ್ತಿದ್ದು, ಮಳೆ ನೀರು ಕೊಯ್ಲು ಅಳವಡಿಸಿಕೊಳ್ಳಬೇಕು. ಜಿಲ್ಲೆಯಲ್ಲಿ 538 ಕೆರೆಗಳಿದ್ದು, ಜಿಲ್ಲಾ ಪಂಚಾಯತ್ 98, ಧರ್ಮಸ್ಥಳ ಸಂಸ್ಥೆಯಿಂದ 34 ಕೆರೆ ಪುನಶ್ಚೇತನ ಕಾರ್ಯ ನಡೆದಿದೆ. ಗ್ರಾಮೀಣ ಭಾಗದ ರೈತರು ಯೋಜನೆಯ ಸದುಪಯೋಗ ಪಡೆದುಕೊಳ್ಳಬೇಕು ಎಂದರು. ವಲಯ ಅರಣ್ಯ ಅಧಿಕಾರಿ ಅಮೃತ, ಕೃಷ್ಣಕುಮಾರ್, ಶಿಕ್ಷಕರು ಹಾಗೂ ವಿದ್ಯಾರ್ಥಿಗಳು ಕಾರ್ಯಕ್ರಮದಲ್ಲಿ ಭಾಗವಹಿಸಿದ್ದರು.
ಕೊಡಮನಿನಲ್ಲಿ ಜನರ ಮಹತ್ವದ ಕೆಲಸಗಳ ಕುರಿತು ಮಾಹಿತಿ ನೀಡಲಾಯಿತು. ಜಲ ಮತ್ತು ಅರಣ್ಯ ಪರಿಸರ ಜಾಗೃತಿ ಕಾರ್ಯಕ್ರಮ ಯಶಸ್ವಿಯಾಗಿ ನಡೆದಿದ್ದು, ಇಲಾಖೆಯ ಅಧಿಕಾರಿಗಳು ಹಾಗೂ ಗ್ರಾಮಸ್ಥರು ಪಾಲ್ಗೊಂಡರು. ಮಲೆಬೆನ್ನೂರು ಹೋಬಳಿಯ ವಿವಿಧ ಗ್ರಾಮಗಳ ಕೆರೆಗಳ ಪುನಶ್ಚೇತನ ಕಾರ್ಯ ಕೈಗೆತ್ತಿಕೊಳ್ಳಲಾಗಿದೆ. ಗಿಡ ನೆಡುವ ಕಾರ್ಯಕ್ರಮಕ್ಕೂ ಚಾಲನೆ ನೀಡಲಾಯಿತು. ಪುರಸಭೆ ಸದಸ್ಯರು, ಸಂಘ ಸಂಸ್ಥೆಗಳ ಪದಾಧಿಕಾರಿಗಳು, ಯುವಕ ಸಂಘದ ಸದಸ್ಯರು, ರೈತ ಮುಖಂಡರು, ಶಿಕ್ಷಕರು, ವಿದ್ಯಾರ್ಥಿಗಳು, ಗ್ರಾಮ ಪಂಚಾಯಿತಿ ಸದಸ್ಯರು, ಮಹಿಳಾ ಸಂಘದ ಪದಾಧಿಕಾರಿಗಳು, ಹಿರಿಯ ನಾಗರಿಕರು, ಧರ್ಮಸ್ಥಳ ಗ್ರಾಮಾಭಿವೃದ್ಧಿ ಯೋಜನೆಯ ಸೇವಾ ಪ್ರತಿನಿಧಿಗಳು ಉಪಸ್ಥಿತರಿದ್ದರು.
ಮಾಯಕೊಂಡ ಶಾಸಕ ಕೆ.ಎಸ್. ಬಸವಂತಪ್ಪ ಸಲಹೆ
ಗ್ರಾಮೀಣ ರಸ್ತೆಗಳ ಅಭಿವೃದ್ಧಿಗೆ ಹೆಚ್ಚಿನ ಆದ್ಯತೆ
ದಾವಣಗೆರೆ: ಗ್ರಾಮೀಣ ರಸ್ತೆಗಳ ಅಭಿವೃದ್ಧಿಗೆ ಹೆಚ್ಚಿನ ಆದ್ಯತೆ ನೀಡಲಾಗುವುದು, ಕ್ಷೇತ್ರದ ಗುಣಮಟ್ಟದ ಬಗ್ಗೆ ಸ್ಥಳೀಯರು ನಿಗಾ ವಹಿಸಬೇಕು ಎಂದು ಮಾಯಕೊಂಡ ಶಾಸಕ ಕೆ.ಎಸ್. ಬಸವಂತಪ್ಪ ಸಲಹೆ ನೀಡಿದರು. ತಾಲೂಕಿನ ಮಾಯಕೊಂಡ ವಿಧಾನಸಭಾ ಕ್ಷೇತ್ರ ವ್ಯಾಪ್ತಿಯ ಹಲವು ಗ್ರಾಮಗಳಲ್ಲಿ ಬುಧವಾರ ರಸ್ತೆ ಕಾಮಗಾರಿಗಳಿಗೆ ಭೂಮಿಪೂಜೆ ನೆರವೇರಿಸಿ ಮಾತನಾಡಿದರು. ಗ್ರಾಮೀಣ ಭಾಗದ ಜನರ ಅನುಕೂಲಕ್ಕಾಗಿ ಸಾರ್ವಜನಿಕ ಸಂಪರ್ಕ ರಸ್ತೆಗಳ ನಿರ್ಮಾಣ ಅಗತ್ಯ. ಗುತ್ತಿಗೆದಾರರು ಗುಣಮಟ್ಟದ ಕಾಮಗಾರಿ ನಡೆಸಬೇಕು. ಕಳಪೆ ಕಾಮಗಾರಿ ಕಂಡುಬಂದರೆ ಕ್ರಮ ಕೈಗೊಳ್ಳಲಾಗುವುದು ಎಂದು ಎಚ್ಚರಿಸಿದರು.
■ ಅವಶ್ಯಕತೆಗನುಗುಣ ಅಭಿವೃದ್ಧಿ ಕೆಲಸ
ಗುಣಮಟ್ಟದಿಂದ ಆಗಬೇಕು. ಅಧಿಕಾರಿಗಳು ಕೆಲಸದ ಕಡೆಗೆ ಗಮನ ಹರಿಸಬೇಕು. ಸರ್ಕಾರದ ಅನುದಾನ ಸರಿಯಾಗಿ ಬಳಕೆಯಾಗಬೇಕು. ಕ್ಷೇತ್ರದ ಎಲ್ಲ ಗ್ರಾಮಗಳಿಗೂ ಸಮಾನವಾಗಿ ಅನುದಾನ ಹಂಚಿಕೆ ಮಾಡಲಾಗಿದೆ. ಗ್ರಾಮಗಳ ಅಭಿವೃದ್ಧಿಯೇ ನಮ್ಮ ಗುರಿ ಎಂದರು.
ಈ ಸಂದರ್ಭದಲ್ಲಿ ಗ್ರಾಮ ಪಂಚಾಯತ್ ಅಧ್ಯಕ್ಷರು, ಉಪಾಧ್ಯಕ್ಷರು, ಸದಸ್ಯರು, ಮುಖಂಡರಾದ ರುದ್ರಪ್ಪ, ಸ್ವಾಮಿ, ಕುಮಾರ್, ದಿನೇಶ್, ಶಿವಣ್ಣ ಉಪಸ್ಥಿತರಿದ್ದರು.
ವಿರಕ್ತ ಮಠದ ಡಾ.ಶ್ರೀ ಬಸವಪ್ರಭು ಸ್ವಾಮೀಜಿ ಪ್ರತಿಪಾದನೆ
ಯುದ್ಧ, ಅಶಾಂತಿಗೆ ಬಸವ ತತ್ವಗಳಲ್ಲಿ ಪರಿಹಾರ
ದಾವಣಗೆರೆ: ಯುದ್ಧ, ಅಶಾಂತಿ ಸೇರಿದಂತೆ ಪ್ರಸ್ತುತ ಜಗತ್ತಿನ ಎಲ್ಲ ಸಮಸ್ಯೆಗಳಿಗೆ ಬಸವ ತತ್ವಗಳಲ್ಲಿ ಪರಿಹಾರವಿದೆ ಎಂದು ವಿರಕ್ತ ಮಠದ ಡಾ. ಶ್ರೀ ಬಸವಪ್ರಭು ಸ್ವಾಮೀಜಿ ಪ್ರತಿಪಾದಿಸಿದರು. ನಗರದ ಶಿವಯೋಗಾಶ್ರಮದಲ್ಲಿ ಬುಧವಾರ ಸಂಜೆ ಬಸವ ಬಳಗದಿಂದ ಹಮ್ಮಿಕೊಂಡಿದ್ದ ಶರಣ ಸಂಸ್ಕೃತಿ ಚಿಂತನ ಕಾರ್ಯಕ್ರಮದ ಸಾನ್ನಿಧ್ಯ ವಹಿಸಿ ಮಾತನಾಡಿದರು. ಶರಣರ ವಚನಗಳು ಮಾನವೀಯ ಮೌಲ್ಯಗಳನ್ನು ಸಾರುತ್ತವೆ. ಬಸವಣ್ಣನವರ ಕಾಯಕ ಮತ್ತು ದಾಸೋಹ ತತ್ವಗಳು ಸಮಾಜದಲ್ಲಿ ಸಮಾನತೆ ತರುತ್ತವೆ. ಯುವ ಪೀಳಿಗೆ ವಚನ ಸಾಹಿತ್ಯ ಅಧ್ಯಯನ ಮಾಡಬೇಕು ಎಂದು ಹೇಳಿದರು.
■ ಬಸವ ತತ್ವದಿಂದ ಪ್ರತಿಯೊಬ್ಬರೂ ಸುಖಿಯಾಗಿ
ಚಿಂತಕರು ಮಾತನಾಡಿ, ಶರಣರ ಆಶಯಗಳನ್ನು ಮನೆ ಮನೆಗೆ ತಲುಪಿಸುವ ಕೆಲಸ ಆಗಬೇಕು. ಕಾಯಕವೇ ಕೈಲಾಸ ಎಂಬ ಸಂದೇಶ ಸಾರ್ವಕಾಲಿಕ ಎಂದರು. ಬಸವ ಬಳಗದ ಅಧ್ಯಕ್ಷರು, ಪದಾಧಿಕಾರಿಗಳು ಉಪಸ್ಥಿತರಿದ್ದರು.
ದರು. ಶರಣ ಸಾಹಿತ್ಯ ಪರಿಷತ್ ಜಿಲ್ಲಾಧ್ಯಕ್ಷ, ಸಮಾಜದ ಮುಖಂಡರು, ಶರಣೆಯರು, ಭಕ್ತರು ಉಪಸ್ಥಿತರಿದ್ದರು. ಕಾರ್ಯಕ್ರಮದಲ್ಲಿ ವಚನ ಗಾಯನ ನಡೆಯಿತು.
